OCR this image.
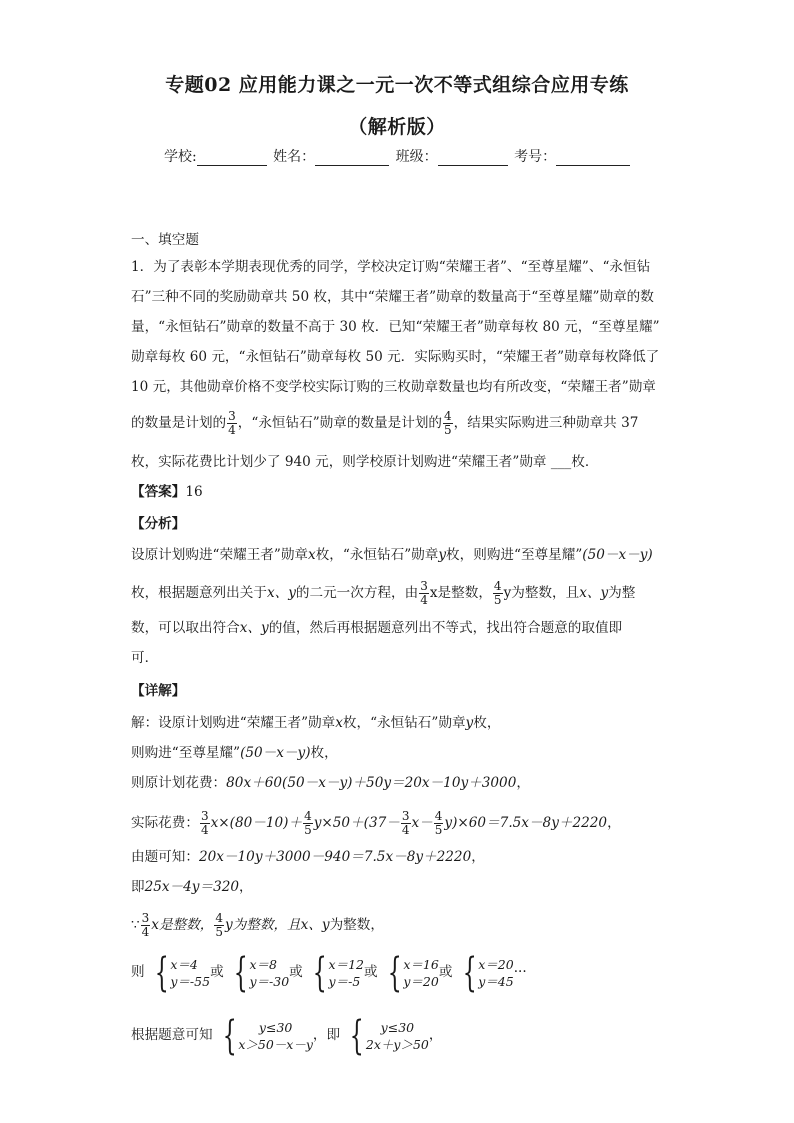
专题02 应用能力课之一元一次不等式组综合应用专练
（解析版）
学校:	姓名：	班级：	考号：
一、填空题
1．为了表彰本学期表现优秀的同学，学校决定订购“荣耀王者”、“至尊星耀”、“永恒钻
石”三种不同的奖励勋章共 50 枚，其中“荣耀王者”勋章的数量高于“至尊星耀”勋章的数
量，“永恒钻石”勋章的数量不高于 30 枚．已知“荣耀王者”勋章每枚 80 元，“至尊星耀”
勋章每枚 60 元，“永恒钻石”勋章每枚 50 元．实际购买时，“荣耀王者”勋章每枚降低了
10 元，其他勋章价格不变学校实际订购的三枚勋章数量也均有所改变，“荣耀王者”勋章
的数量是计划的 $\frac{3}{4}$ ，“永恒钻石”勋章的数量是计划的 $\frac{4}{5}$ ，结果实际购进三种勋章共 37
枚，实际花费比计划少了 940 元，则学校原计划购进“荣耀王者”勋章 ___枚．
【答案】16
【分析】
设原计划购进“荣耀王者”勋章x枚，“永恒钻石”勋章y枚，则购进“至尊星耀”(50－x－y)
枚，根据题意列出关于x、y的二元一次方程，由 $\frac{3}{4}$ x是整数， $\frac{4}{5}$ y为整数，且x、y为整
数，可以取出符合x、y的值，然后再根据题意列出不等式，找出符合题意的取值即
可．
【详解】
解：设原计划购进“荣耀王者”勋章x枚，“永恒钻石”勋章y枚，
则购进“至尊星耀”(50－x－y)枚，
则原计划花费：80x＋60(50－x－y)＋50y＝20x－10y＋3000，
实际花费： $\frac{3}{4} x\times(80-10)+ \frac{4}{5} y\times 50+(37- \frac{3}{4} x- \frac{4}{5} y)\times 60=7.5x-8y+2220$，
由题可知：20x－10y＋3000－940＝7.5x－8y＋2220，
即25x－4y＝320，
∵ $\frac{3}{4}$ x是整数， $\frac{4}{5}$ y为整数，且x、y为整数，
则 { x＝4
y＝-55
或 { x＝8
y＝-30
或 { x＝12
y＝-5
或 { x＝16
y＝20
或 { x＝20
y＝45
···
根据题意可知 {	y≤30
x＞50－x－y
，即 {	y≤30
2x＋y＞50
，
